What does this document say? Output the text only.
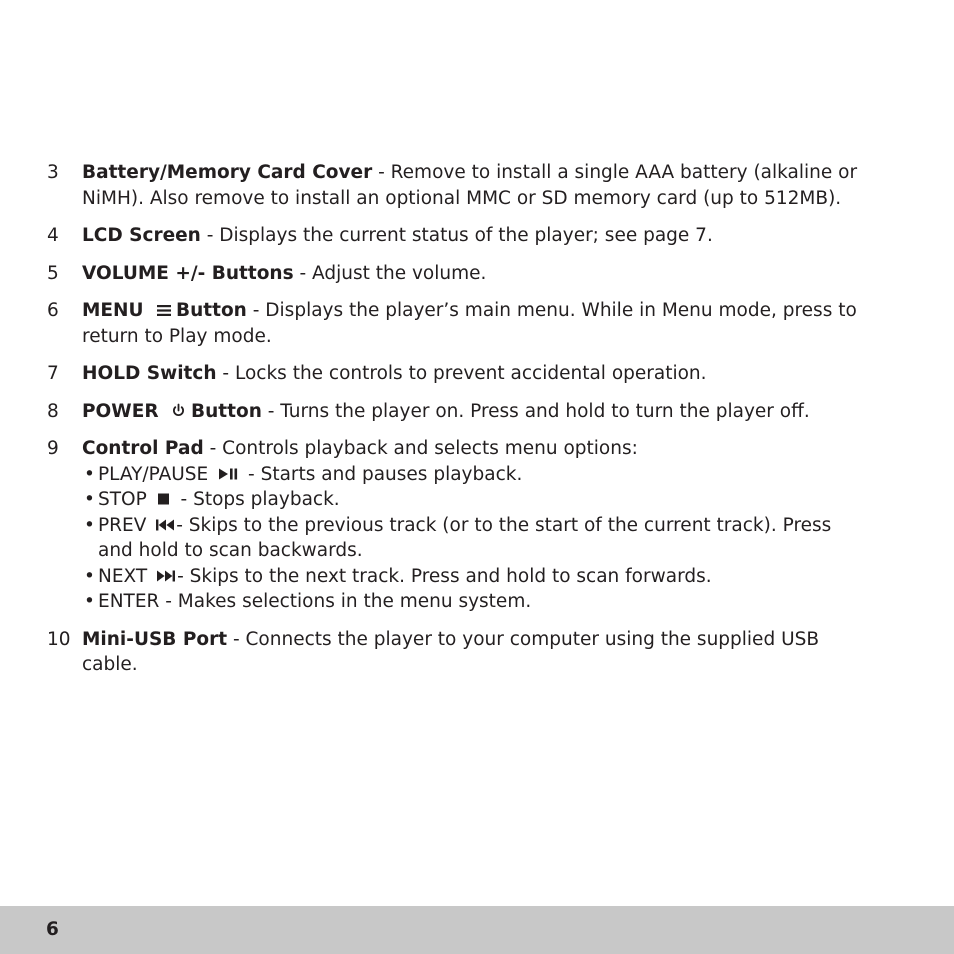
3 Battery/Memory Card Cover - Remove to install a single AAA battery (alkaline or NiMH). Also remove to install an optional MMC or SD memory card (up to 512MB).
4 LCD Screen - Displays the current status of the player; see page 7.
5 VOLUME +/- Buttons - Adjust the volume.
6 MENU Button - Displays the player’s main menu. While in Menu mode, press to return to Play mode.
7 HOLD Switch - Locks the controls to prevent accidental operation.
8 POWER Button - Turns the player on. Press and hold to turn the player off.
9 Control Pad - Controls playback and selects menu options:
• PLAY/PAUSE  - Starts and pauses playback.
• STOP  - Stops playback.
• PREV - Skips to the previous track (or to the start of the current track). Press and hold to scan backwards.
• NEXT - Skips to the next track. Press and hold to scan forwards.
• ENTER - Makes selections in the menu system.
10 Mini-USB Port - Connects the player to your computer using the supplied USB cable.
6
